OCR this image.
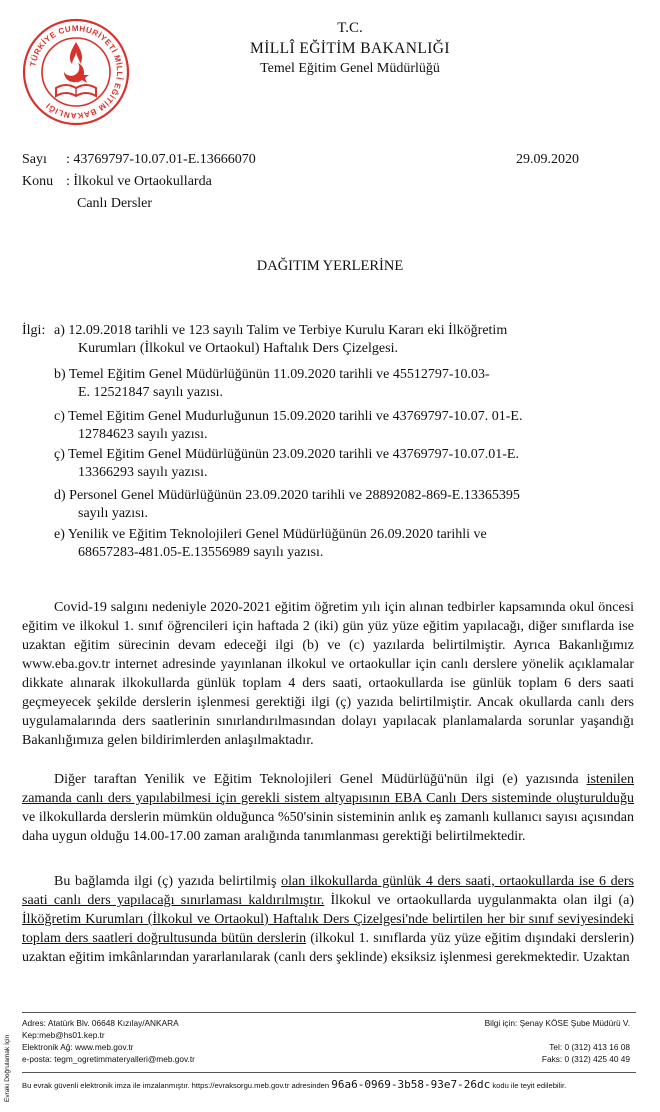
TÜRKİYE CUMHURİYETİ MİLLÎ EĞİTİM BAKANLIĞI
T.C.
MİLLÎ EĞİTİM BAKANLIĞI
Temel Eğitim Genel Müdürlüğü
Sayı : 43769797-10.07.01-E.13666070	29.09.2020
Konu : İlkokul ve Ortaokullarda
Canlı Dersler
DAĞITIM YERLERİNE
İlgi: a) 12.09.2018 tarihli ve 123 sayılı Talim ve Terbiye Kurulu Kararı eki İlköğretim
Kurumları (İlkokul ve Ortaokul) Haftalık Ders Çizelgesi.
b) Temel Eğitim Genel Müdürlüğünün 11.09.2020 tarihli ve 45512797-10.03-
E. 12521847 sayılı yazısı.
c) Temel Eğitim Genel Mudurluğunun 15.09.2020 tarihli ve 43769797-10.07. 01-E.
12784623 sayılı yazısı.
ç) Temel Eğitim Genel Müdürlüğünün 23.09.2020 tarihli ve 43769797-10.07.01-E.
13366293 sayılı yazısı.
d) Personel Genel Müdürlüğünün 23.09.2020 tarihli ve 28892082-869-E.13365395
sayılı yazısı.
e) Yenilik ve Eğitim Teknolojileri Genel Müdürlüğünün 26.09.2020 tarihli ve
68657283-481.05-E.13556989 sayılı yazısı.
Covid-19 salgını nedeniyle 2020-2021 eğitim öğretim yılı için alınan tedbirler kapsamında okul öncesi eğitim ve ilkokul 1. sınıf öğrencileri için haftada 2 (iki) gün yüz yüze eğitim yapılacağı, diğer sınıflarda ise uzaktan eğitim sürecinin devam edeceği ilgi (b) ve (c) yazılarda belirtilmiştir. Ayrıca Bakanlığımız www.eba.gov.tr internet adresinde yayınlanan ilkokul ve ortaokullar için canlı derslere yönelik açıklamalar dikkate alınarak ilkokullarda günlük toplam 4 ders saati, ortaokullarda ise günlük toplam 6 ders saati geçmeyecek şekilde derslerin işlenmesi gerektiği ilgi (ç) yazıda belirtilmiştir. Ancak okullarda canlı ders uygulamalarında ders saatlerinin sınırlandırılmasından dolayı yapılacak planlamalarda sorunlar yaşandığı Bakanlığımıza gelen bildirimlerden anlaşılmaktadır.
Diğer taraftan Yenilik ve Eğitim Teknolojileri Genel Müdürlüğü'nün ilgi (e) yazısında istenilen zamanda canlı ders yapılabilmesi için gerekli sistem altyapısının EBA Canlı Ders sisteminde oluşturulduğu ve ilkokullarda derslerin mümkün olduğunca %50'sinin sisteminin anlık eş zamanlı kullanıcı sayısı açısından daha uygun olduğu 14.00-17.00 zaman aralığında tanımlanması gerektiği belirtilmektedir.
Bu bağlamda ilgi (ç) yazıda belirtilmiş olan ilkokullarda günlük 4 ders saati, ortaokullarda ise 6 ders saati canlı ders yapılacağı sınırlaması kaldırılmıştır. İlkokul ve ortaokullarda uygulanmakta olan ilgi (a) İlköğretim Kurumları (İlkokul ve Ortaokul) Haftalık Ders Çizelgesi'nde belirtilen her bir sınıf seviyesindeki toplam ders saatleri doğrultusunda bütün derslerin (ilkokul 1. sınıflarda yüz yüze eğitim dışındaki derslerin) uzaktan eğitim imkânlarından yararlanılarak (canlı ders şeklinde) eksiksiz işlenmesi gerekmektedir. Uzaktan
Evrakı Doğrulamak İçin
Adres: Atatürk Blv. 06648 Kızılay/ANKARA
Kep:meb@hs01.kep.tr
Elektronik Ağ: www.meb.gov.tr
e-posta: tegm_ogretimmateryalleri@meb.gov.tr
Bilgi için: Şenay KÖSE Şube Müdürü V.
Tel: 0 (312) 413 16 08
Faks: 0 (312) 425 40 49
Bu evrak güvenli elektronik imza ile imzalanmıştır. https://evraksorgu.meb.gov.tr adresinden 96a6-0969-3b58-93e7-26dc kodu ile teyit edilebilir.
